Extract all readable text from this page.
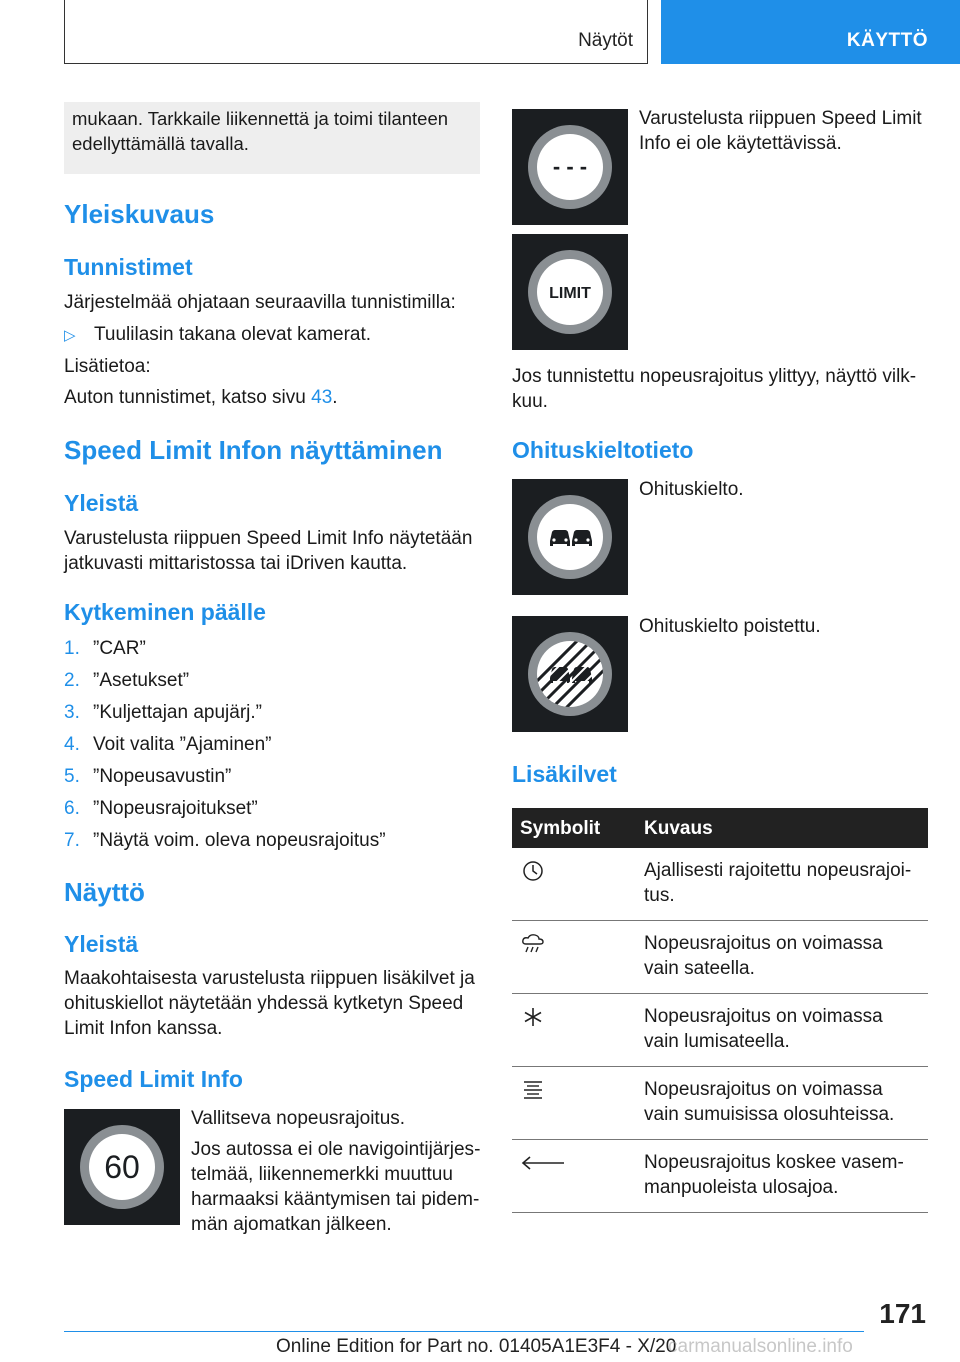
Näytöt	KÄYTTÖ
mukaan. Tarkkaile liikennettä ja toimi tilanteen edellyttämällä tavalla.
Yleiskuvaus
Tunnistimet
Järjestelmää ohjataan seuraavilla tunnistimilla:
▷ Tuulilasin takana olevat kamerat.
Lisätietoa:
Auton tunnistimet, katso sivu 43.
Speed Limit Infon näyttäminen
Yleistä
Varustelusta riippuen Speed Limit Info näytetään jatkuvasti mittaristossa tai iDriven kautta.
Kytkeminen päälle
1. ”CAR”
2. ”Asetukset”
3. ”Kuljettajan apujärj.”
4. Voit valita ”Ajaminen”
5. ”Nopeusavustin”
6. ”Nopeusrajoitukset”
7. ”Näytä voim. oleva nopeusrajoitus”
Näyttö
Yleistä
Maakohtaisesta varustelusta riippuen lisäkilvet ja ohituskiellot näytetään yhdessä kytketyn Speed Limit Infon kanssa.
Speed Limit Info
60
Vallitseva nopeusrajoitus.
Jos autossa ei ole navigointijärjestelmää, liikennemerkki muuttuu harmaaksi kääntymisen tai pidemmän ajomatkan jälkeen.
- - -
Varustelusta riippuen Speed Limit Info ei ole käytettävissä.
LIMIT
Jos tunnistettu nopeusrajoitus ylittyy, näyttö vilkkuu.
Ohituskieltotieto
Ohituskielto.
Ohituskielto poistettu.
Lisäkilvet
Symbolit	Kuvaus
	Ajallisesti rajoitettu nopeusrajoitus.
	Nopeusrajoitus on voimassa vain sateella.
	Nopeusrajoitus on voimassa vain lumisateella.
	Nopeusrajoitus on voimassa vain sumuisissa olosuhteissa.
	Nopeusrajoitus koskee vasemmanpuoleista ulosajoa.
171
Online Edition for Part no. 01405A1E3F4 - X/20
carmanualsonline.info
